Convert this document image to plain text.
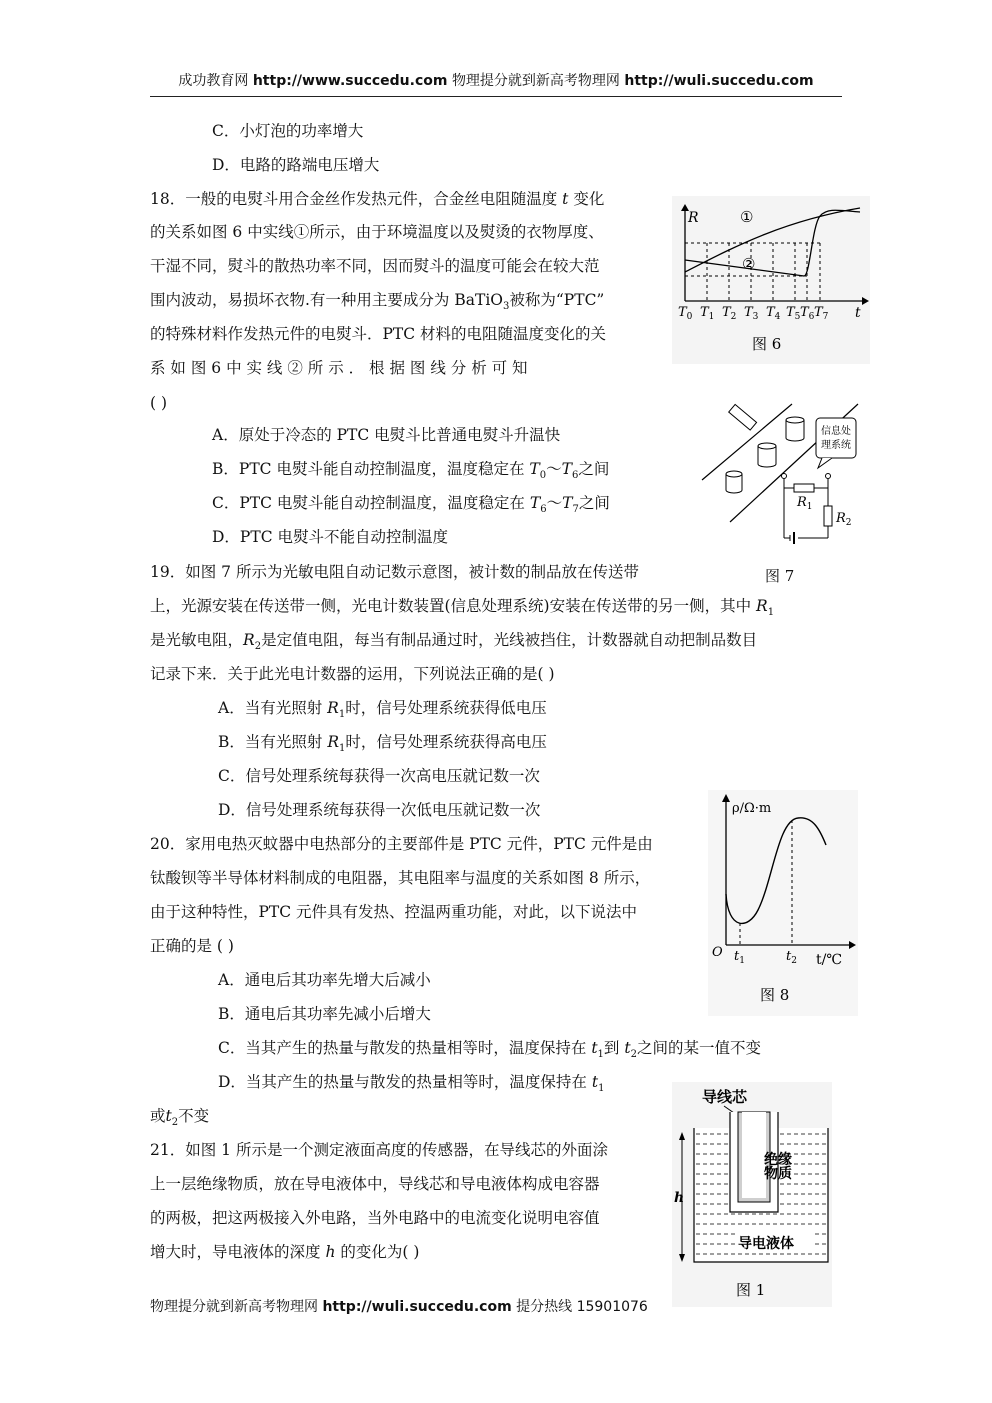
成功教育网 http://www.succedu.com 物理提分就到新高考物理网 http://wuli.succedu.com
C．小灯泡的功率增大
D．电路的路端电压增大
18．一般的电熨斗用合金丝作发热元件，合金丝电阻随温度 t 变化
的关系如图 6 中实线①所示，由于环境温度以及熨烫的衣物厚度、
干湿不同，熨斗的散热功率不同，因而熨斗的温度可能会在较大范
围内波动，易损坏衣物.有一种用主要成分为 BaTiO$_3$被称为“PTC”
的特殊材料作发热元件的电熨斗．PTC 材料的电阻随温度变化的关
系 如 图 6 中 实 线 ② 所 示 ． 根 据 图 线 分 析 可 知
( )
A．原处于冷态的 PTC 电熨斗比普通电熨斗升温快
B．PTC 电熨斗能自动控制温度，温度稳定在 $T_0\sim T_6$之间
C．PTC 电熨斗能自动控制温度，温度稳定在 $T_6\sim T_7$之间
D．PTC 电熨斗不能自动控制温度
19．如图 7 所示为光敏电阻自动记数示意图，被计数的制品放在传送带
上，光源安装在传送带一侧，光电计数装置(信息处理系统)安装在传送带的另一侧，其中 $R_1$
是光敏电阻，$R_2$是定值电阻，每当有制品通过时，光线被挡住，计数器就自动把制品数目
记录下来．关于此光电计数器的运用，下列说法正确的是( )
A．当有光照射 $R_1$时，信号处理系统获得低电压
B．当有光照射 $R_1$时，信号处理系统获得高电压
C．信号处理系统每获得一次高电压就记数一次
D．信号处理系统每获得一次低电压就记数一次
20．家用电热灭蚊器中电热部分的主要部件是 PTC 元件，PTC 元件是由
钛酸钡等半导体材料制成的电阻器，其电阻率与温度的关系如图 8 所示，
由于这种特性，PTC 元件具有发热、控温两重功能，对此，以下说法中
正确的是 ( )
A．通电后其功率先增大后减小
B．通电后其功率先减小后增大
C．当其产生的热量与散发的热量相等时，温度保持在 $t_1$到 $t_2$之间的某一值不变
D．当其产生的热量与散发的热量相等时，温度保持在 $t_1$
或$t_2$不变
21．如图 1 所示是一个测定液面高度的传感器，在导线芯的外面涂
上一层绝缘物质，放在导电液体中，导线芯和导电液体构成电容器
的两极，把这两极接入外电路，当外电路中的电流变化说明电容值
增大时，导电液体的深度 h 的变化为( )
R
t
①
②
$T_0$ $T_1$ $T_2$ $T_3$ $T_4$ $T_5$ $T_6$ $T_7$
图 6
信息处
理系统
$R_1$
$R_2$
图 7
ρ/Ω·m
t/℃
O $t_1$	$t_2$
图 8
导线芯
绝缘
物质
导电液体
h
图 1
物理提分就到新高考物理网 http://wuli.succedu.com 提分热线 15901076
